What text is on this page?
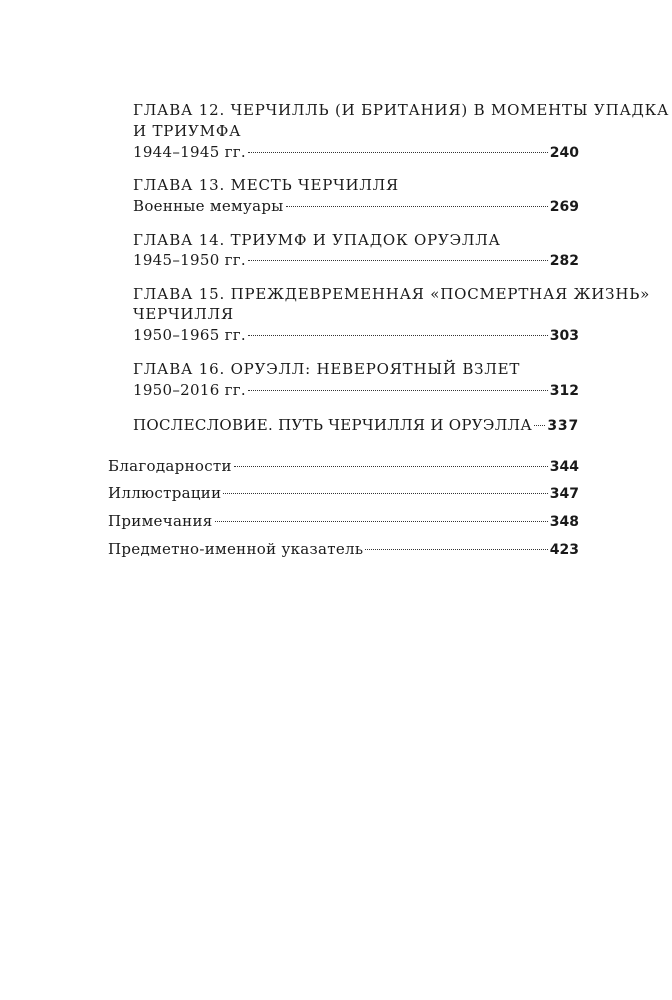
ГЛАВА 12. ЧЕРЧИЛЛЬ (И БРИТАНИЯ) В МОМЕНТЫ УПАДКА
И ТРИУМФА
1944–1945 гг.	240
ГЛАВА 13. МЕСТЬ ЧЕРЧИЛЛЯ
Военные мемуары	269
ГЛАВА 14. ТРИУМФ И УПАДОК ОРУЭЛЛА
1945–1950 гг.	282
ГЛАВА 15. ПРЕЖДЕВРЕМЕННАЯ «ПОСМЕРТНАЯ ЖИЗНЬ»
ЧЕРЧИЛЛЯ
1950–1965 гг.	303
ГЛАВА 16. ОРУЭЛЛ: НЕВЕРОЯТНЫЙ ВЗЛЕТ
1950–2016 гг.	312
ПОСЛЕСЛОВИЕ. ПУТЬ ЧЕРЧИЛЛЯ И ОРУЭЛЛА 337
Благодарности	344
Иллюстрации	347
Примечания	348
Предметно-именной указатель	423
